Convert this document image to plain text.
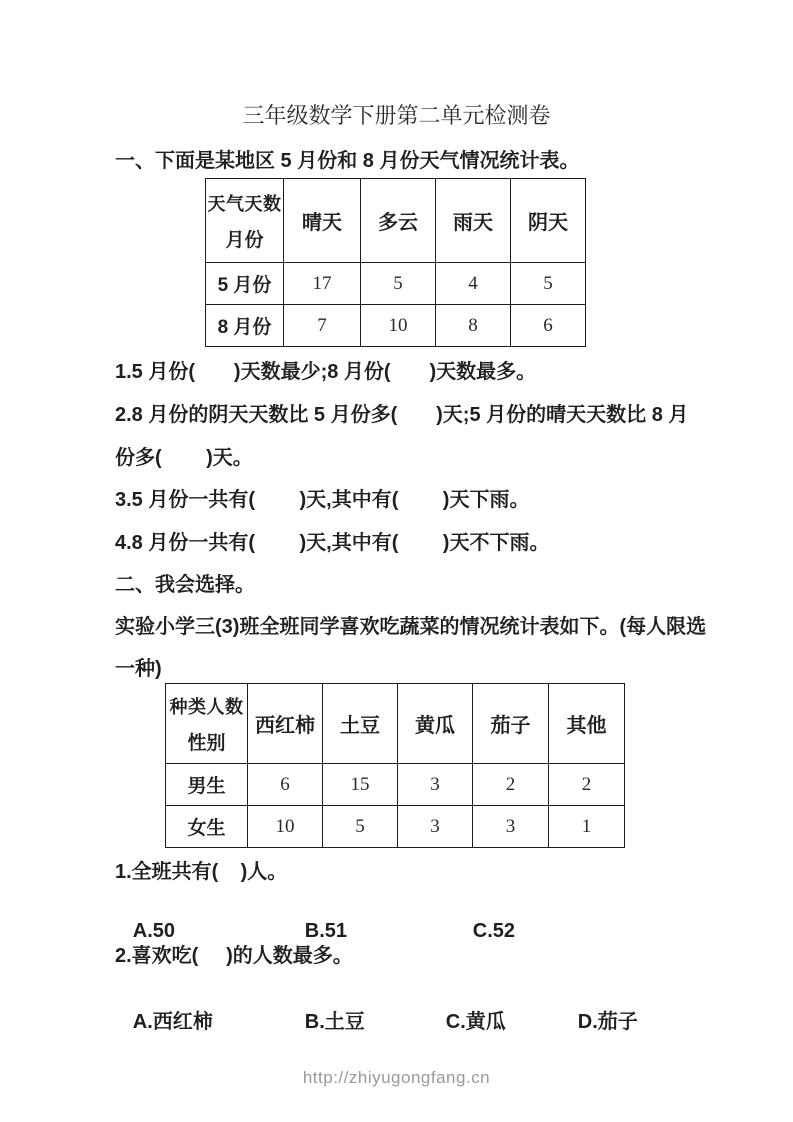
三年级数学下册第二单元检测卷
一、下面是某地区 5 月份和 8 月份天气情况统计表。
天气天数
月份	晴天	多云	雨天	阴天
5 月份	17	5	4	5
8 月份	7	10	8	6
1.5 月份(       )天数最少;8 月份(       )天数最多。
2.8 月份的阴天天数比 5 月份多(       )天;5 月份的晴天天数比 8 月
份多(        )天。
3.5 月份一共有(        )天,其中有(        )天下雨。
4.8 月份一共有(        )天,其中有(        )天不下雨。
二、我会选择。
实验小学三(3)班全班同学喜欢吃蔬菜的情况统计表如下。(每人限选
一种)
种类人数
性别	西红柿	土豆	黄瓜	茄子	其他
男生	6	15	3	2	2
女生	10	5	3	3	1
1.全班共有(    )人。

A.50	B.51	C.52

2.喜欢吃(     )的人数最多。

A.西红柿	B.土豆	C.黄瓜	D.茄子

http://zhiyugongfang.cn
